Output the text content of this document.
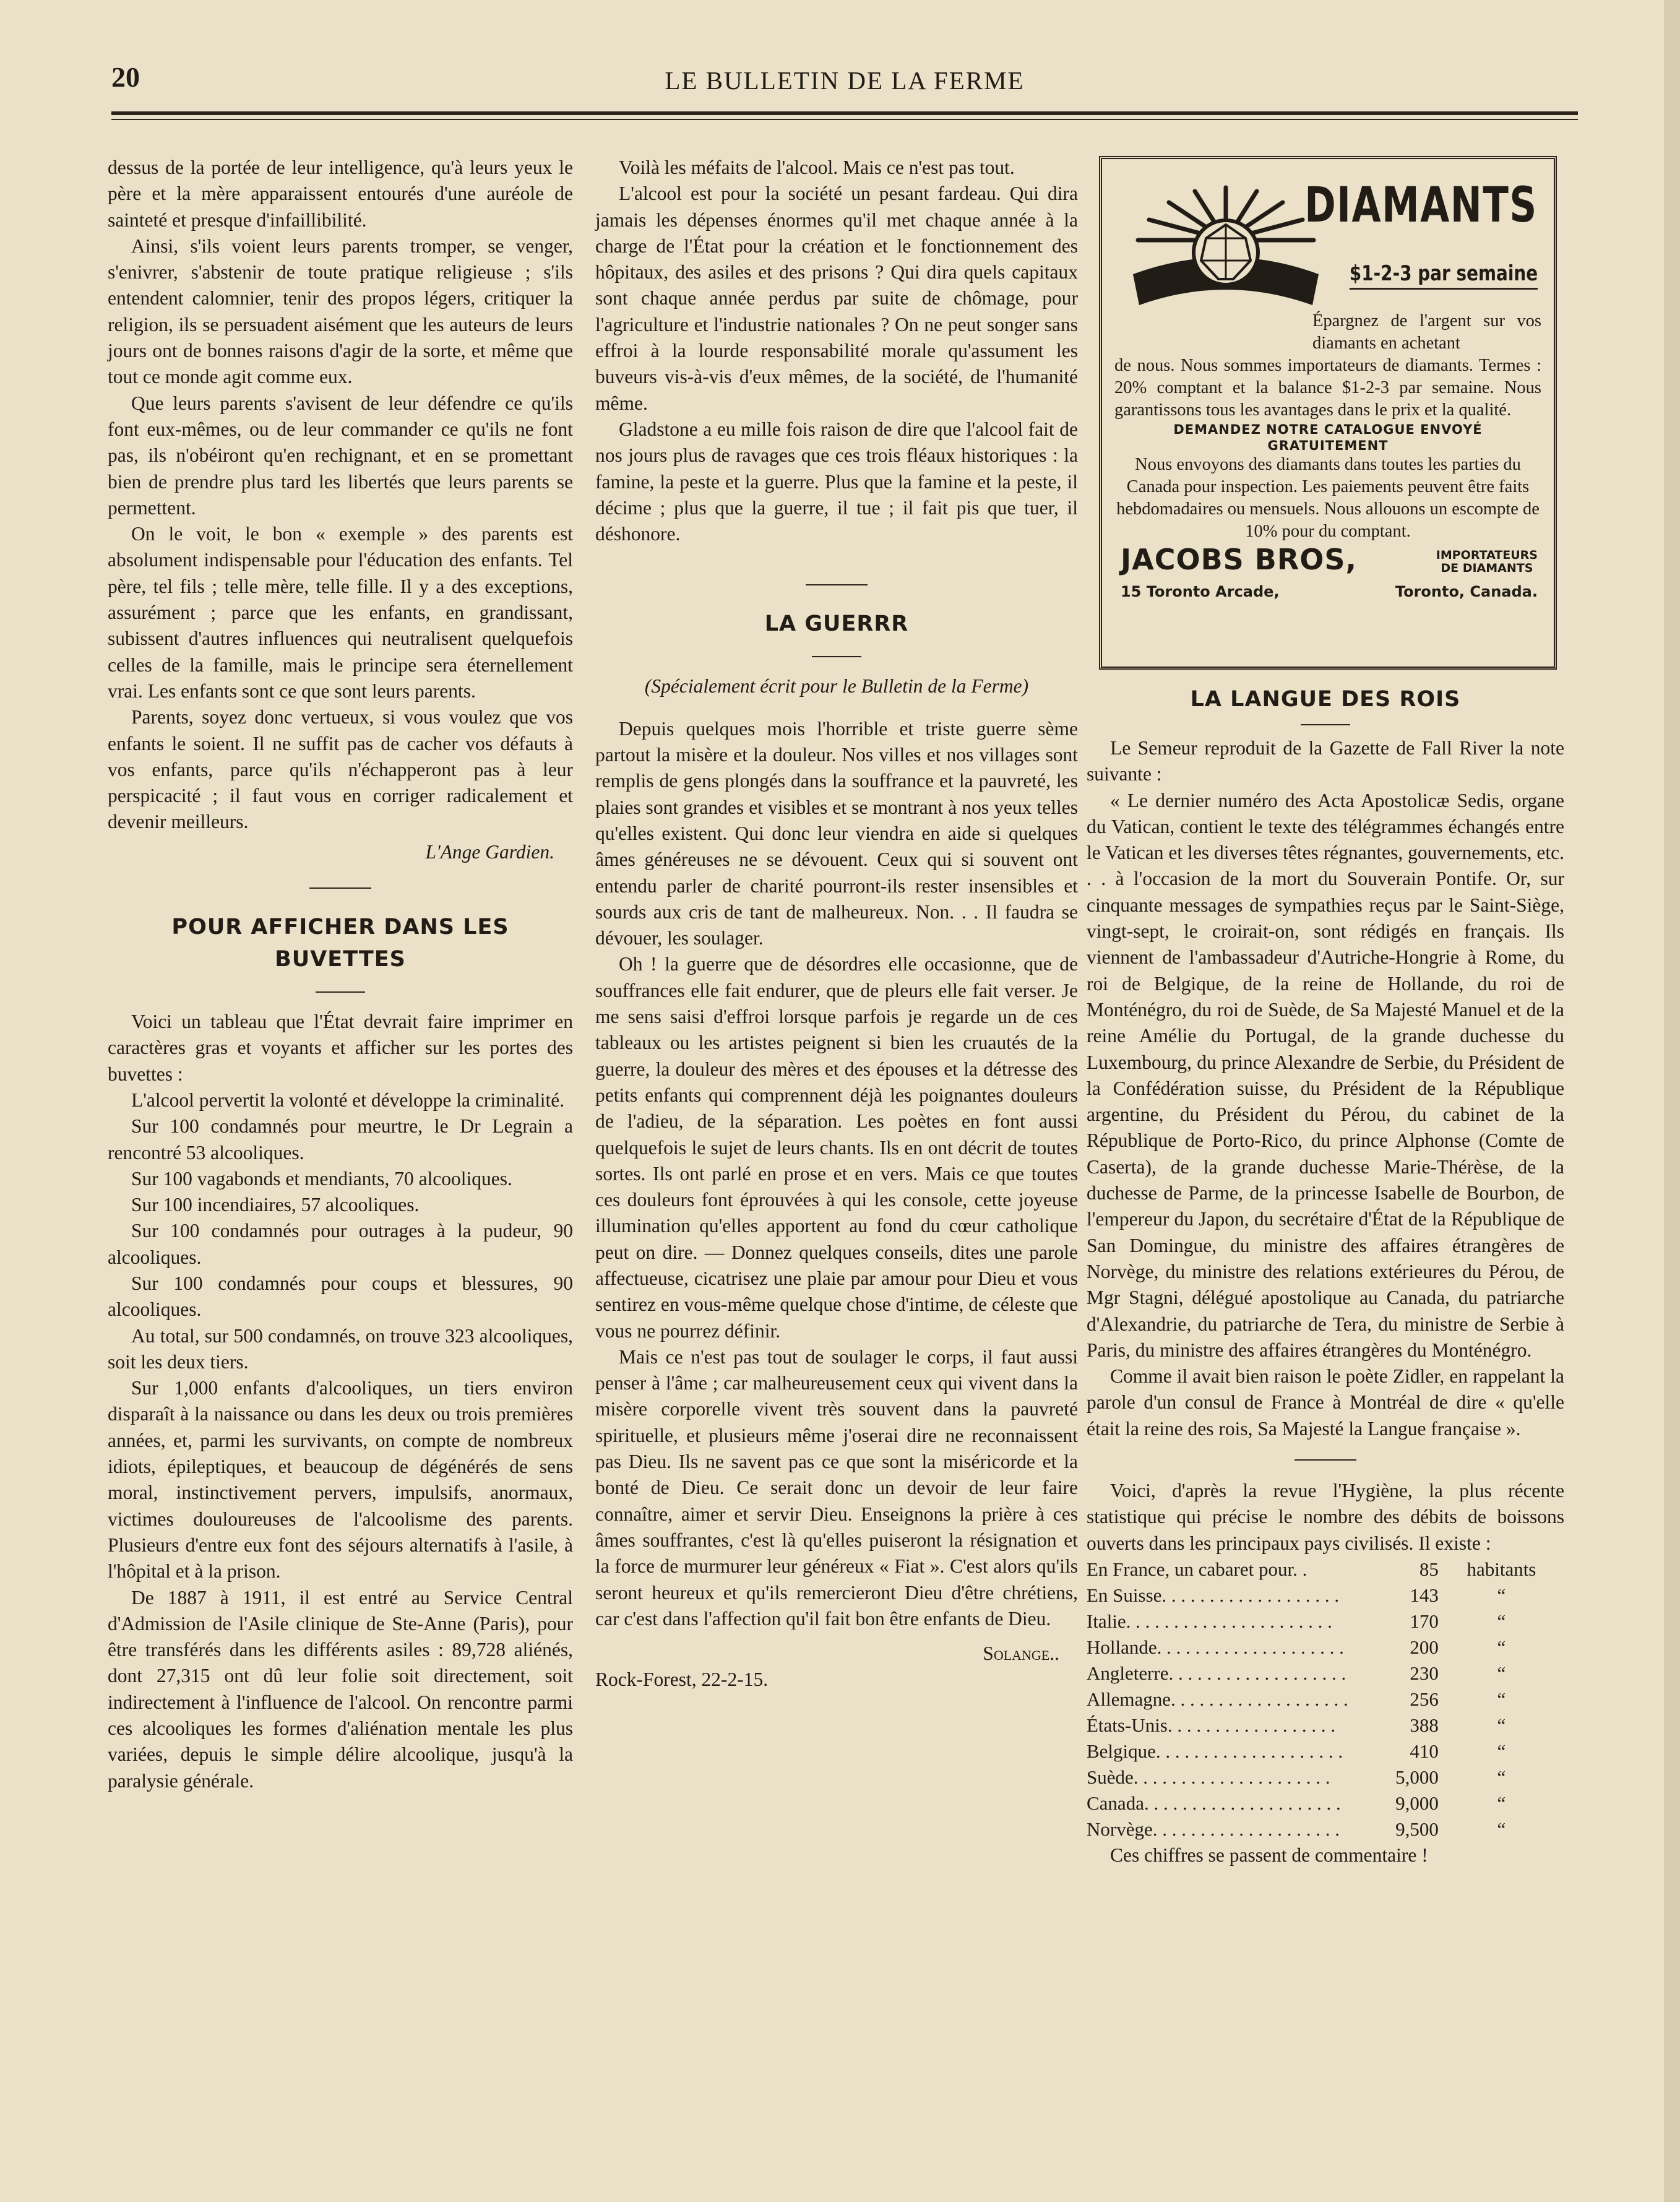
20	LE BULLETIN DE LA FERME

dessus de la portée de leur intelligence, qu'à leurs yeux le père et la mère apparaissent entourés d'une auréole de sainteté et presque d'infaillibilité.

Ainsi, s'ils voient leurs parents tromper, se venger, s'enivrer, s'abstenir de toute pratique religieuse ; s'ils entendent calomnier, tenir des propos légers, critiquer la religion, ils se persuadent aisément que les auteurs de leurs jours ont de bonnes raisons d'agir de la sorte, et même que tout ce monde agit comme eux.

Que leurs parents s'avisent de leur défendre ce qu'ils font eux-mêmes, ou de leur commander ce qu'ils ne font pas, ils n'obéiront qu'en rechignant, et en se promettant bien de prendre plus tard les libertés que leurs parents se permettent.

On le voit, le bon « exemple » des parents est absolument indispensable pour l'éducation des enfants. Tel père, tel fils ; telle mère, telle fille. Il y a des exceptions, assurément ; parce que les enfants, en grandissant, subissent d'autres influences qui neutralisent quelquefois celles de la famille, mais le principe sera éternellement vrai. Les enfants sont ce que sont leurs parents.

Parents, soyez donc vertueux, si vous voulez que vos enfants le soient. Il ne suffit pas de cacher vos défauts à vos enfants, parce qu'ils n'échapperont pas à leur perspicacité ; il faut vous en corriger radicalement et devenir meilleurs.

L'Ange Gardien.
POUR AFFICHER DANS LES
BUVETTES

Voici un tableau que l'État devrait faire imprimer en caractères gras et voyants et afficher sur les portes des buvettes :

L'alcool pervertit la volonté et développe la criminalité.

Sur 100 condamnés pour meurtre, le Dr Legrain a rencontré 53 alcooliques.

Sur 100 vagabonds et mendiants, 70 alcooliques.

Sur 100 incendiaires, 57 alcooliques.

Sur 100 condamnés pour outrages à la pudeur, 90 alcooliques.

Sur 100 condamnés pour coups et blessures, 90 alcooliques.

Au total, sur 500 condamnés, on trouve 323 alcooliques, soit les deux tiers.

Sur 1,000 enfants d'alcooliques, un tiers environ disparaît à la naissance ou dans les deux ou trois premières années, et, parmi les survivants, on compte de nombreux idiots, épileptiques, et beaucoup de dégénérés de sens moral, instinctivement pervers, impulsifs, anormaux, victimes douloureuses de l'alcoolisme des parents. Plusieurs d'entre eux font des séjours alternatifs à l'asile, à l'hôpital et à la prison.

De 1887 à 1911, il est entré au Service Central d'Admission de l'Asile clinique de Ste-Anne (Paris), pour être transférés dans les différents asiles : 89,728 aliénés, dont 27,315 ont dû leur folie soit directement, soit indirectement à l'influence de l'alcool. On rencontre parmi ces alcooliques les formes d'aliénation mentale les plus variées, depuis le simple délire alcoolique, jusqu'à la paralysie générale.

Voilà les méfaits de l'alcool. Mais ce n'est pas tout.

L'alcool est pour la société un pesant fardeau. Qui dira jamais les dépenses énormes qu'il met chaque année à la charge de l'État pour la création et le fonctionnement des hôpitaux, des asiles et des prisons ? Qui dira quels capitaux sont chaque année perdus par suite de chômage, pour l'agriculture et l'industrie nationales ? On ne peut songer sans effroi à la lourde responsabilité morale qu'assument les buveurs vis-à-vis d'eux mêmes, de la société, de l'humanité même.

Gladstone a eu mille fois raison de dire que l'alcool fait de nos jours plus de ravages que ces trois fléaux historiques : la famine, la peste et la guerre. Plus que la famine et la peste, il décime ; plus que la guerre, il tue ; il fait pis que tuer, il déshonore.

LA GUERRR
(Spécialement écrit pour le Bulletin de la Ferme)

Depuis quelques mois l'horrible et triste guerre sème partout la misère et la douleur. Nos villes et nos villages sont remplis de gens plongés dans la souffrance et la pauvreté, les plaies sont grandes et visibles et se montrant à nos yeux telles qu'elles existent. Qui donc leur viendra en aide si quelques âmes généreuses ne se dévouent. Ceux qui si souvent ont entendu parler de charité pourront-ils rester insensibles et sourds aux cris de tant de malheureux. Non. . . Il faudra se dévouer, les soulager.

Oh ! la guerre que de désordres elle occasionne, que de souffrances elle fait endurer, que de pleurs elle fait verser. Je me sens saisi d'effroi lorsque parfois je regarde un de ces tableaux ou les artistes peignent si bien les cruautés de la guerre, la douleur des mères et des épouses et la détresse des petits enfants qui comprennent déjà les poignantes douleurs de l'adieu, de la séparation. Les poètes en font aussi quelquefois le sujet de leurs chants. Ils en ont décrit de toutes sortes. Ils ont parlé en prose et en vers. Mais ce que toutes ces douleurs font éprouvées à qui les console, cette joyeuse illumination qu'elles apportent au fond du cœur catholique peut on dire. — Donnez quelques conseils, dites une parole affectueuse, cicatrisez une plaie par amour pour Dieu et vous sentirez en vous-même quelque chose d'intime, de céleste que vous ne pourrez définir.

Mais ce n'est pas tout de soulager le corps, il faut aussi penser à l'âme ; car malheureusement ceux qui vivent dans la misère corporelle vivent très souvent dans la pauvreté spirituelle, et plusieurs même j'oserai dire ne reconnaissent pas Dieu. Ils ne savent pas ce que sont la miséricorde et la bonté de Dieu. Ce serait donc un devoir de leur faire connaître, aimer et servir Dieu. Enseignons la prière à ces âmes souffrantes, c'est là qu'elles puiseront la résignation et la force de murmurer leur généreux « Fiat ». C'est alors qu'ils seront heureux et qu'ils remercieront Dieu d'être chrétiens, car c'est dans l'affection qu'il fait bon être enfants de Dieu.

Solange..

Rock-Forest, 22-2-15.

DIAMANTS
$1-2-3 par semaine
Épargnez de l'argent sur vos diamants en achetant
de nous. Nous sommes importateurs de diamants. Termes : 20% comptant et la balance $1-2-3 par semaine. Nous garantissons tous les avantages dans le prix et la qualité.
DEMANDEZ NOTRE CATALOGUE ENVOYÉ GRATUITEMENT
Nous envoyons des diamants dans toutes les parties du Canada pour inspection. Les paiements peuvent être faits hebdomadaires ou mensuels. Nous allouons un escompte de 10% pour du comptant.
JACOBS BROS,	IMPORTATEURS
DE DIAMANTS
15 Toronto Arcade,	Toronto, Canada.
LA LANGUE DES ROIS

Le Semeur reproduit de la Gazette de Fall River la note suivante :

« Le dernier numéro des Acta Apostolicæ Sedis, organe du Vatican, contient le texte des télégrammes échangés entre le Vatican et les diverses têtes régnantes, gouvernements, etc. . . à l'occasion de la mort du Souverain Pontife. Or, sur cinquante messages de sympathies reçus par le Saint-Siège, vingt-sept, le croirait-on, sont rédigés en français. Ils viennent de l'ambassadeur d'Autriche-Hongrie à Rome, du roi de Belgique, de la reine de Hollande, du roi de Monténégro, du roi de Suède, de Sa Majesté Manuel et de la reine Amélie du Portugal, de la grande duchesse du Luxembourg, du prince Alexandre de Serbie, du Président de la Confédération suisse, du Président de la République argentine, du Président du Pérou, du cabinet de la République de Porto-Rico, du prince Alphonse (Comte de Caserta), de la grande duchesse Marie-Thérèse, de la duchesse de Parme, de la princesse Isabelle de Bourbon, de l'empereur du Japon, du secrétaire d'État de la République de San Domingue, du ministre des affaires étrangères de Norvège, du ministre des relations extérieures du Pérou, de Mgr Stagni, délégué apostolique au Canada, du patriarche d'Alexandrie, du patriarche de Tera, du ministre de Serbie à Paris, du ministre des affaires étrangères du Monténégro.

Comme il avait bien raison le poète Zidler, en rappelant la parole d'un consul de France à Montréal de dire « qu'elle était la reine des rois, Sa Majesté la Langue française ».

Voici, d'après la revue l'Hygiène, la plus récente statistique qui précise le nombre des débits de boissons ouverts dans les principaux pays civilisés. Il existe :

En France, un cabaret pour. .	85	habitants
En Suisse. . . . . . . . . . . . . . . . . . .	143	“
Italie. . . . . . . . . . . . . . . . . . . . . .	170	“
Hollande. . . . . . . . . . . . . . . . . . . .	200	“
Angleterre. . . . . . . . . . . . . . . . . . .	230	“
Allemagne. . . . . . . . . . . . . . . . . . .	256	“
États-Unis. . . . . . . . . . . . . . . . . .	388	“
Belgique. . . . . . . . . . . . . . . . . . . .	410	“
Suède. . . . . . . . . . . . . . . . . . . . .	5,000	“
Canada. . . . . . . . . . . . . . . . . . . . .	9,000	“
Norvège. . . . . . . . . . . . . . . . . . . .	9,500	“

Ces chiffres se passent de commentaire !
